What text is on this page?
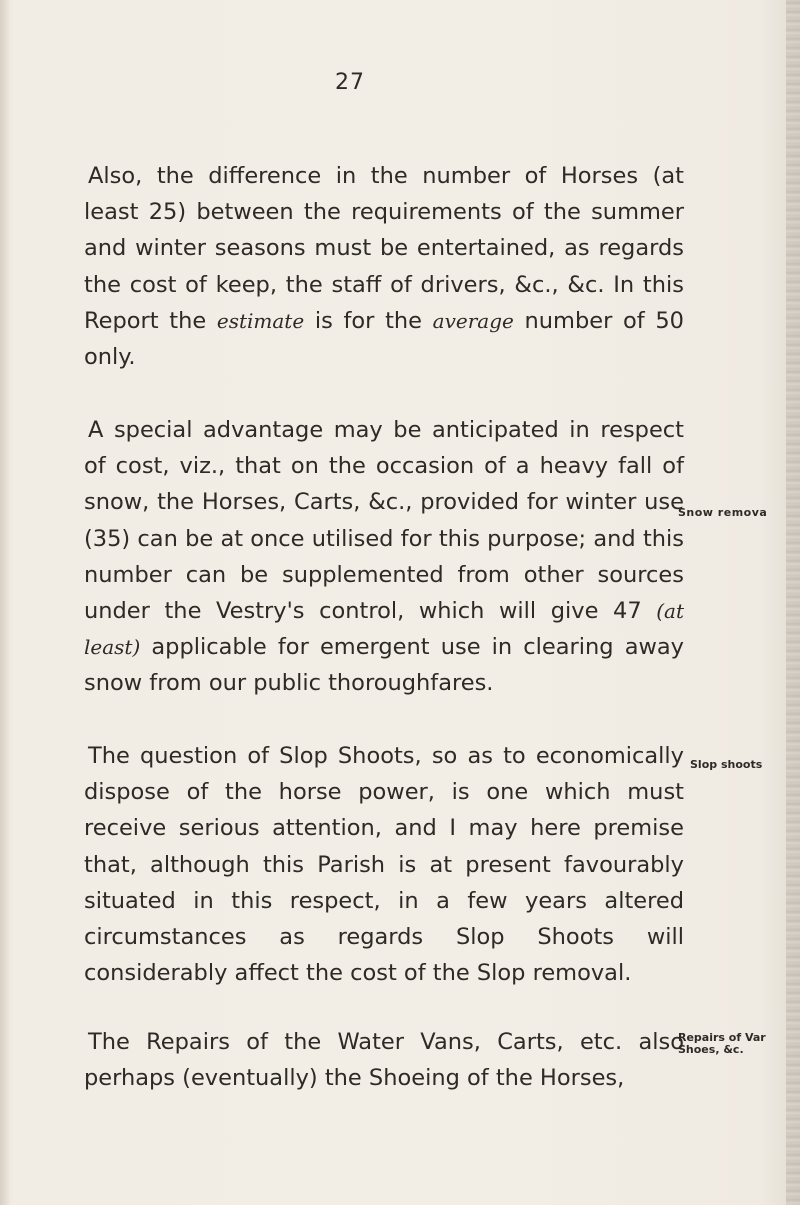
27

Also, the difference in the number of Horses (at least 25) between the requirements of the summer and winter seasons must be entertained, as regards the cost of keep, the staff of drivers, &c., &c. In this Report the estimate is for the average number of 50 only.

A special advantage may be anticipated in respect of cost, viz., that on the occasion of a heavy fall of snow, the Horses, Carts, &c., provided for winter use (35) can be at once utilised for this purpose; and this number can be supplemented from other sources under the Vestry's control, which will give 47 (at least) applicable for emergent use in clearing away snow from our public thoroughfares.

The question of Slop Shoots, so as to economically dispose of the horse power, is one which must receive serious attention, and I may here premise that, although this Parish is at present favourably situated in this respect, in a few years altered circumstances as regards Slop Shoots will considerably affect the cost of the Slop removal.

The Repairs of the Water Vans, Carts, etc. also perhaps (eventually) the Shoeing of the Horses,

Snow remova
Slop shoots
Repairs of Var
Shoes, &c.
